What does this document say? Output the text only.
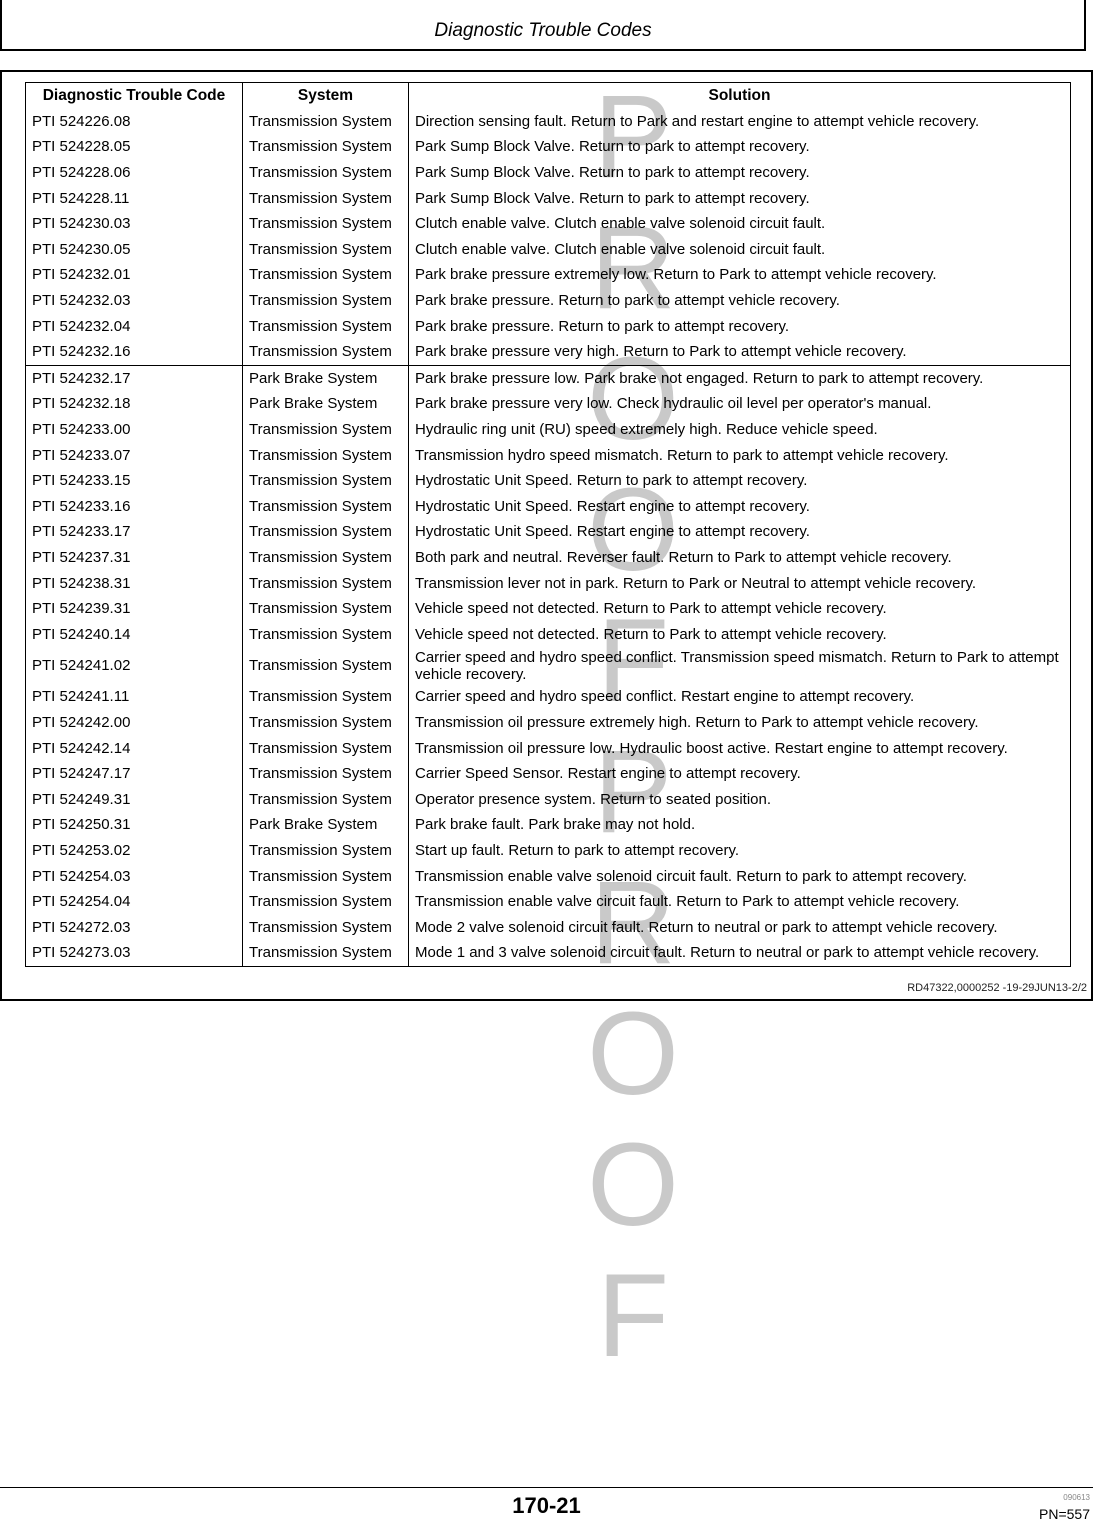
Diagnostic Trouble Codes
P
R
O
O
F
P
R
O
O
F
Diagnostic Trouble Code	System	Solution
PTI 524226.08	Transmission System	Direction sensing fault. Return to Park and restart engine to attempt vehicle recovery.
PTI 524228.05	Transmission System	Park Sump Block Valve. Return to park to attempt recovery.
PTI 524228.06	Transmission System	Park Sump Block Valve. Return to park to attempt recovery.
PTI 524228.11	Transmission System	Park Sump Block Valve. Return to park to attempt recovery.
PTI 524230.03	Transmission System	Clutch enable valve. Clutch enable valve solenoid circuit fault.
PTI 524230.05	Transmission System	Clutch enable valve. Clutch enable valve solenoid circuit fault.
PTI 524232.01	Transmission System	Park brake pressure extremely low. Return to Park to attempt vehicle recovery.
PTI 524232.03	Transmission System	Park brake pressure. Return to park to attempt vehicle recovery.
PTI 524232.04	Transmission System	Park brake pressure. Return to park to attempt recovery.
PTI 524232.16	Transmission System	Park brake pressure very high. Return to Park to attempt vehicle recovery.
PTI 524232.17	Park Brake System	Park brake pressure low. Park brake not engaged. Return to park to attempt recovery.
PTI 524232.18	Park Brake System	Park brake pressure very low. Check hydraulic oil level per operator's manual.
PTI 524233.00	Transmission System	Hydraulic ring unit (RU) speed extremely high. Reduce vehicle speed.
PTI 524233.07	Transmission System	Transmission hydro speed mismatch. Return to park to attempt vehicle recovery.
PTI 524233.15	Transmission System	Hydrostatic Unit Speed. Return to park to attempt recovery.
PTI 524233.16	Transmission System	Hydrostatic Unit Speed. Restart engine to attempt recovery.
PTI 524233.17	Transmission System	Hydrostatic Unit Speed. Restart engine to attempt recovery.
PTI 524237.31	Transmission System	Both park and neutral. Reverser fault. Return to Park to attempt vehicle recovery.
PTI 524238.31	Transmission System	Transmission lever not in park. Return to Park or Neutral to attempt vehicle recovery.
PTI 524239.31	Transmission System	Vehicle speed not detected. Return to Park to attempt vehicle recovery.
PTI 524240.14	Transmission System	Vehicle speed not detected. Return to Park to attempt vehicle recovery.
PTI 524241.02	Transmission System	Carrier speed and hydro speed conflict. Transmission speed mismatch. Return to Park to attempt vehicle recovery.
PTI 524241.11	Transmission System	Carrier speed and hydro speed conflict. Restart engine to attempt recovery.
PTI 524242.00	Transmission System	Transmission oil pressure extremely high. Return to Park to attempt vehicle recovery.
PTI 524242.14	Transmission System	Transmission oil pressure low. Hydraulic boost active. Restart engine to attempt recovery.
PTI 524247.17	Transmission System	Carrier Speed Sensor. Restart engine to attempt recovery.
PTI 524249.31	Transmission System	Operator presence system. Return to seated position.
PTI 524250.31	Park Brake System	Park brake fault. Park brake may not hold.
PTI 524253.02	Transmission System	Start up fault. Return to park to attempt recovery.
PTI 524254.03	Transmission System	Transmission enable valve solenoid circuit fault. Return to park to attempt recovery.
PTI 524254.04	Transmission System	Transmission enable valve circuit fault. Return to Park to attempt vehicle recovery.
PTI 524272.03	Transmission System	Mode 2 valve solenoid circuit fault. Return to neutral or park to attempt vehicle recovery.
PTI 524273.03	Transmission System	Mode 1 and 3 valve solenoid circuit fault. Return to neutral or park to attempt vehicle recovery.
RD47322,0000252 -19-29JUN13-2/2
170-21	090613
PN=557
